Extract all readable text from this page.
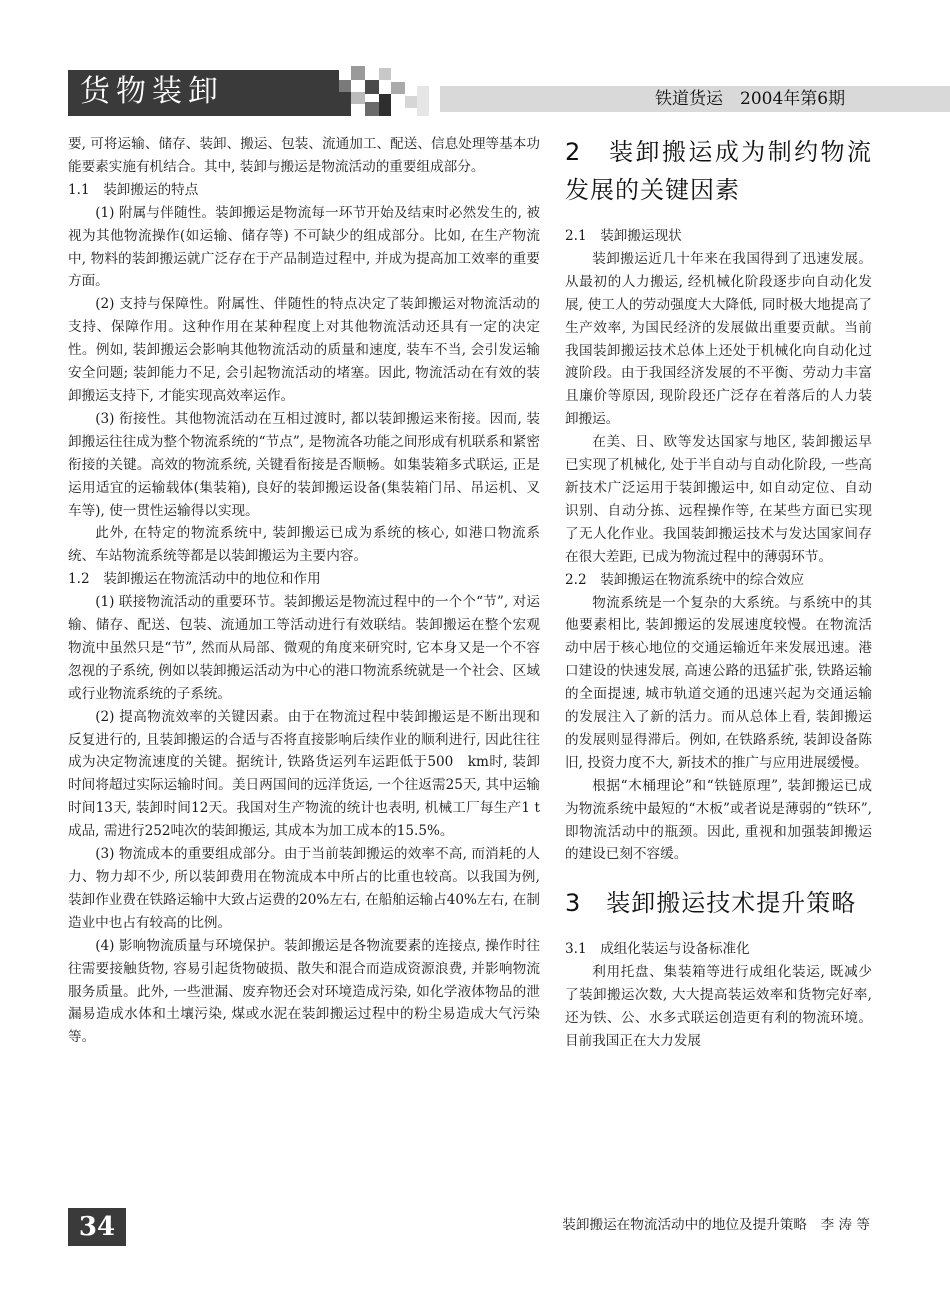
货物装卸	铁道货运  2004年第6期

要, 可将运输、储存、装卸、搬运、包装、流通加工、配送、信息处理等基本功能要素实施有机结合。其中, 装卸与搬运是物流活动的重要组成部分。

1.1　装卸搬运的特点

(1) 附属与伴随性。装卸搬运是物流每一环节开始及结束时必然发生的, 被视为其他物流操作(如运输、储存等) 不可缺少的组成部分。比如, 在生产物流中, 物料的装卸搬运就广泛存在于产品制造过程中, 并成为提高加工效率的重要方面。

(2) 支持与保障性。附属性、伴随性的特点决定了装卸搬运对物流活动的支持、保障作用。这种作用在某种程度上对其他物流活动还具有一定的决定性。例如, 装卸搬运会影响其他物流活动的质量和速度, 装车不当, 会引发运输安全问题; 装卸能力不足, 会引起物流活动的堵塞。因此, 物流活动在有效的装卸搬运支持下, 才能实现高效率运作。

(3) 衔接性。其他物流活动在互相过渡时, 都以装卸搬运来衔接。因而, 装卸搬运往往成为整个物流系统的“节点”, 是物流各功能之间形成有机联系和紧密衔接的关键。高效的物流系统, 关键看衔接是否顺畅。如集装箱多式联运, 正是运用适宜的运输载体(集装箱), 良好的装卸搬运设备(集装箱门吊、吊运机、叉车等), 使一贯性运输得以实现。

此外, 在特定的物流系统中, 装卸搬运已成为系统的核心, 如港口物流系统、车站物流系统等都是以装卸搬运为主要内容。

1.2　装卸搬运在物流活动中的地位和作用

(1) 联接物流活动的重要环节。装卸搬运是物流过程中的一个个“节”, 对运输、储存、配送、包装、流通加工等活动进行有效联结。装卸搬运在整个宏观物流中虽然只是“节”, 然而从局部、微观的角度来研究时, 它本身又是一个不容忽视的子系统, 例如以装卸搬运活动为中心的港口物流系统就是一个社会、区域或行业物流系统的子系统。

(2) 提高物流效率的关键因素。由于在物流过程中装卸搬运是不断出现和反复进行的, 且装卸搬运的合适与否将直接影响后续作业的顺利进行, 因此往往成为决定物流速度的关键。据统计, 铁路货运列车运距低于500　km时, 装卸时间将超过实际运输时间。美日两国间的远洋货运, 一个往返需25天, 其中运输时间13天, 装卸时间12天。我国对生产物流的统计也表明, 机械工厂每生产1 t成品, 需进行252吨次的装卸搬运, 其成本为加工成本的15.5%。

(3) 物流成本的重要组成部分。由于当前装卸搬运的效率不高, 而消耗的人力、物力却不少, 所以装卸费用在物流成本中所占的比重也较高。以我国为例, 装卸作业费在铁路运输中大致占运费的20%左右, 在船舶运输占40%左右, 在制造业中也占有较高的比例。

(4) 影响物流质量与环境保护。装卸搬运是各物流要素的连接点, 操作时往往需要接触货物, 容易引起货物破损、散失和混合而造成资源浪费, 并影响物流服务质量。此外, 一些泄漏、废弃物还会对环境造成污染, 如化学液体物品的泄漏易造成水体和土壤污染, 煤或水泥在装卸搬运过程中的粉尘易造成大气污染等。

2　装卸搬运成为制约物流发展的关键因素

2.1　装卸搬运现状

装卸搬运近几十年来在我国得到了迅速发展。从最初的人力搬运, 经机械化阶段逐步向自动化发展, 使工人的劳动强度大大降低, 同时极大地提高了生产效率, 为国民经济的发展做出重要贡献。当前我国装卸搬运技术总体上还处于机械化向自动化过渡阶段。由于我国经济发展的不平衡、劳动力丰富且廉价等原因, 现阶段还广泛存在着落后的人力装卸搬运。

在美、日、欧等发达国家与地区, 装卸搬运早已实现了机械化, 处于半自动与自动化阶段, 一些高新技术广泛运用于装卸搬运中, 如自动定位、自动识别、自动分拣、远程操作等, 在某些方面已实现了无人化作业。我国装卸搬运技术与发达国家间存在很大差距, 已成为物流过程中的薄弱环节。

2.2　装卸搬运在物流系统中的综合效应

物流系统是一个复杂的大系统。与系统中的其他要素相比, 装卸搬运的发展速度较慢。在物流活动中居于核心地位的交通运输近年来发展迅速。港口建设的快速发展, 高速公路的迅猛扩张, 铁路运输的全面提速, 城市轨道交通的迅速兴起为交通运输的发展注入了新的活力。而从总体上看, 装卸搬运的发展则显得滞后。例如, 在铁路系统, 装卸设备陈旧, 投资力度不大, 新技术的推广与应用进展缓慢。

根据“木桶理论”和“铁链原理”, 装卸搬运已成为物流系统中最短的“木板”或者说是薄弱的“铁环”, 即物流活动中的瓶颈。因此, 重视和加强装卸搬运的建设已刻不容缓。

3　装卸搬运技术提升策略

3.1　成组化装运与设备标准化

利用托盘、集装箱等进行成组化装运, 既减少了装卸搬运次数, 大大提高装运效率和货物完好率, 还为铁、公、水多式联运创造更有利的物流环境。目前我国正在大力发展

34	装卸搬运在物流活动中的地位及提升策略　李 涛 等
